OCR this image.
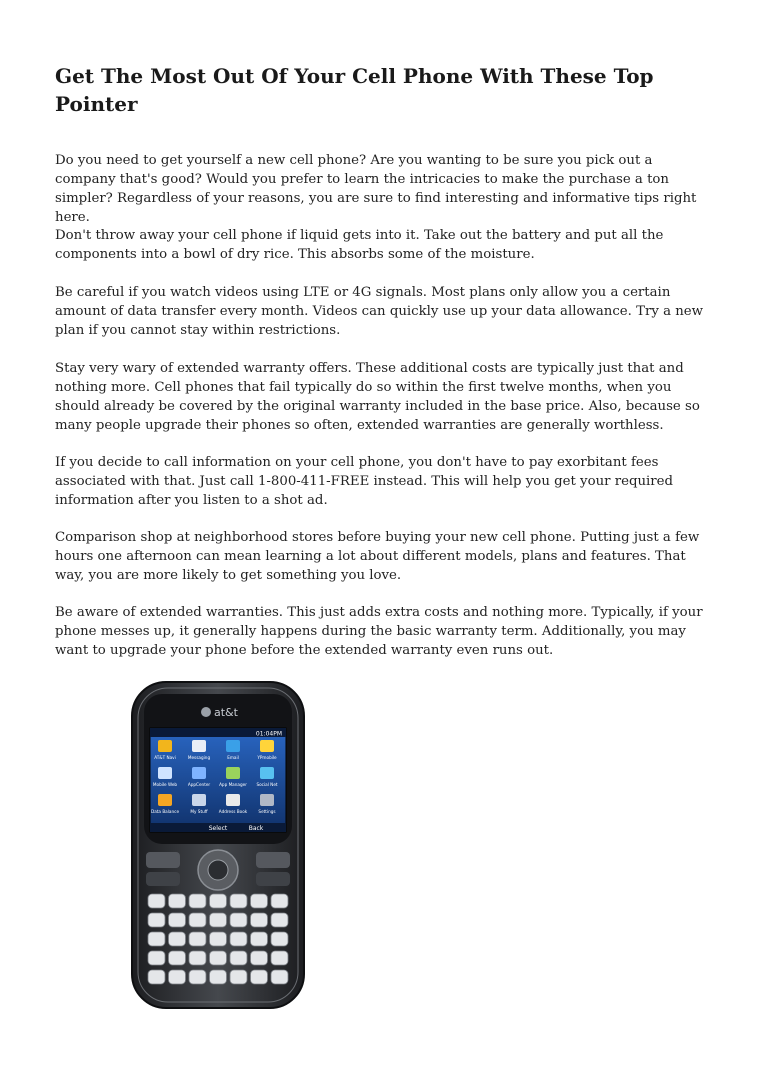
Get The Most Out Of Your Cell Phone With These Top Pointer

Do you need to get yourself a new cell phone? Are you wanting to be sure you pick out a company that's good? Would you prefer to learn the intricacies to make the purchase a ton simpler? Regardless of your reasons, you are sure to find interesting and informative tips right here.

Don't throw away your cell phone if liquid gets into it. Take out the battery and put all the components into a bowl of dry rice. This absorbs some of the moisture.

Be careful if you watch videos using LTE or 4G signals. Most plans only allow you a certain amount of data transfer every month. Videos can quickly use up your data allowance. Try a new plan if you cannot stay within restrictions.

Stay very wary of extended warranty offers. These additional costs are typically just that and nothing more. Cell phones that fail typically do so within the first twelve months, when you should already be covered by the original warranty included in the base price. Also, because so many people upgrade their phones so often, extended warranties are generally worthless.

If you decide to call information on your cell phone, you don't have to pay exorbitant fees associated with that. Just call 1-800-411-FREE instead. This will help you get your required information after you listen to a shot ad.

Comparison shop at neighborhood stores before buying your new cell phone. Putting just a few hours one afternoon can mean learning a lot about different models, plans and features. That way, you are more likely to get something you love.

Be aware of extended warranties. This just adds extra costs and nothing more. Typically, if your phone messes up, it generally happens during the basic warranty term. Additionally, you may want to upgrade your phone before the extended warranty even runs out.

at&t
01:04PM
AT&T Navi	Messaging	Email	YPmobile
Mobile Web	AppCenter App Manager Social Net
Data Balance	My Stuff	Address Book	Settings
Select	Back
